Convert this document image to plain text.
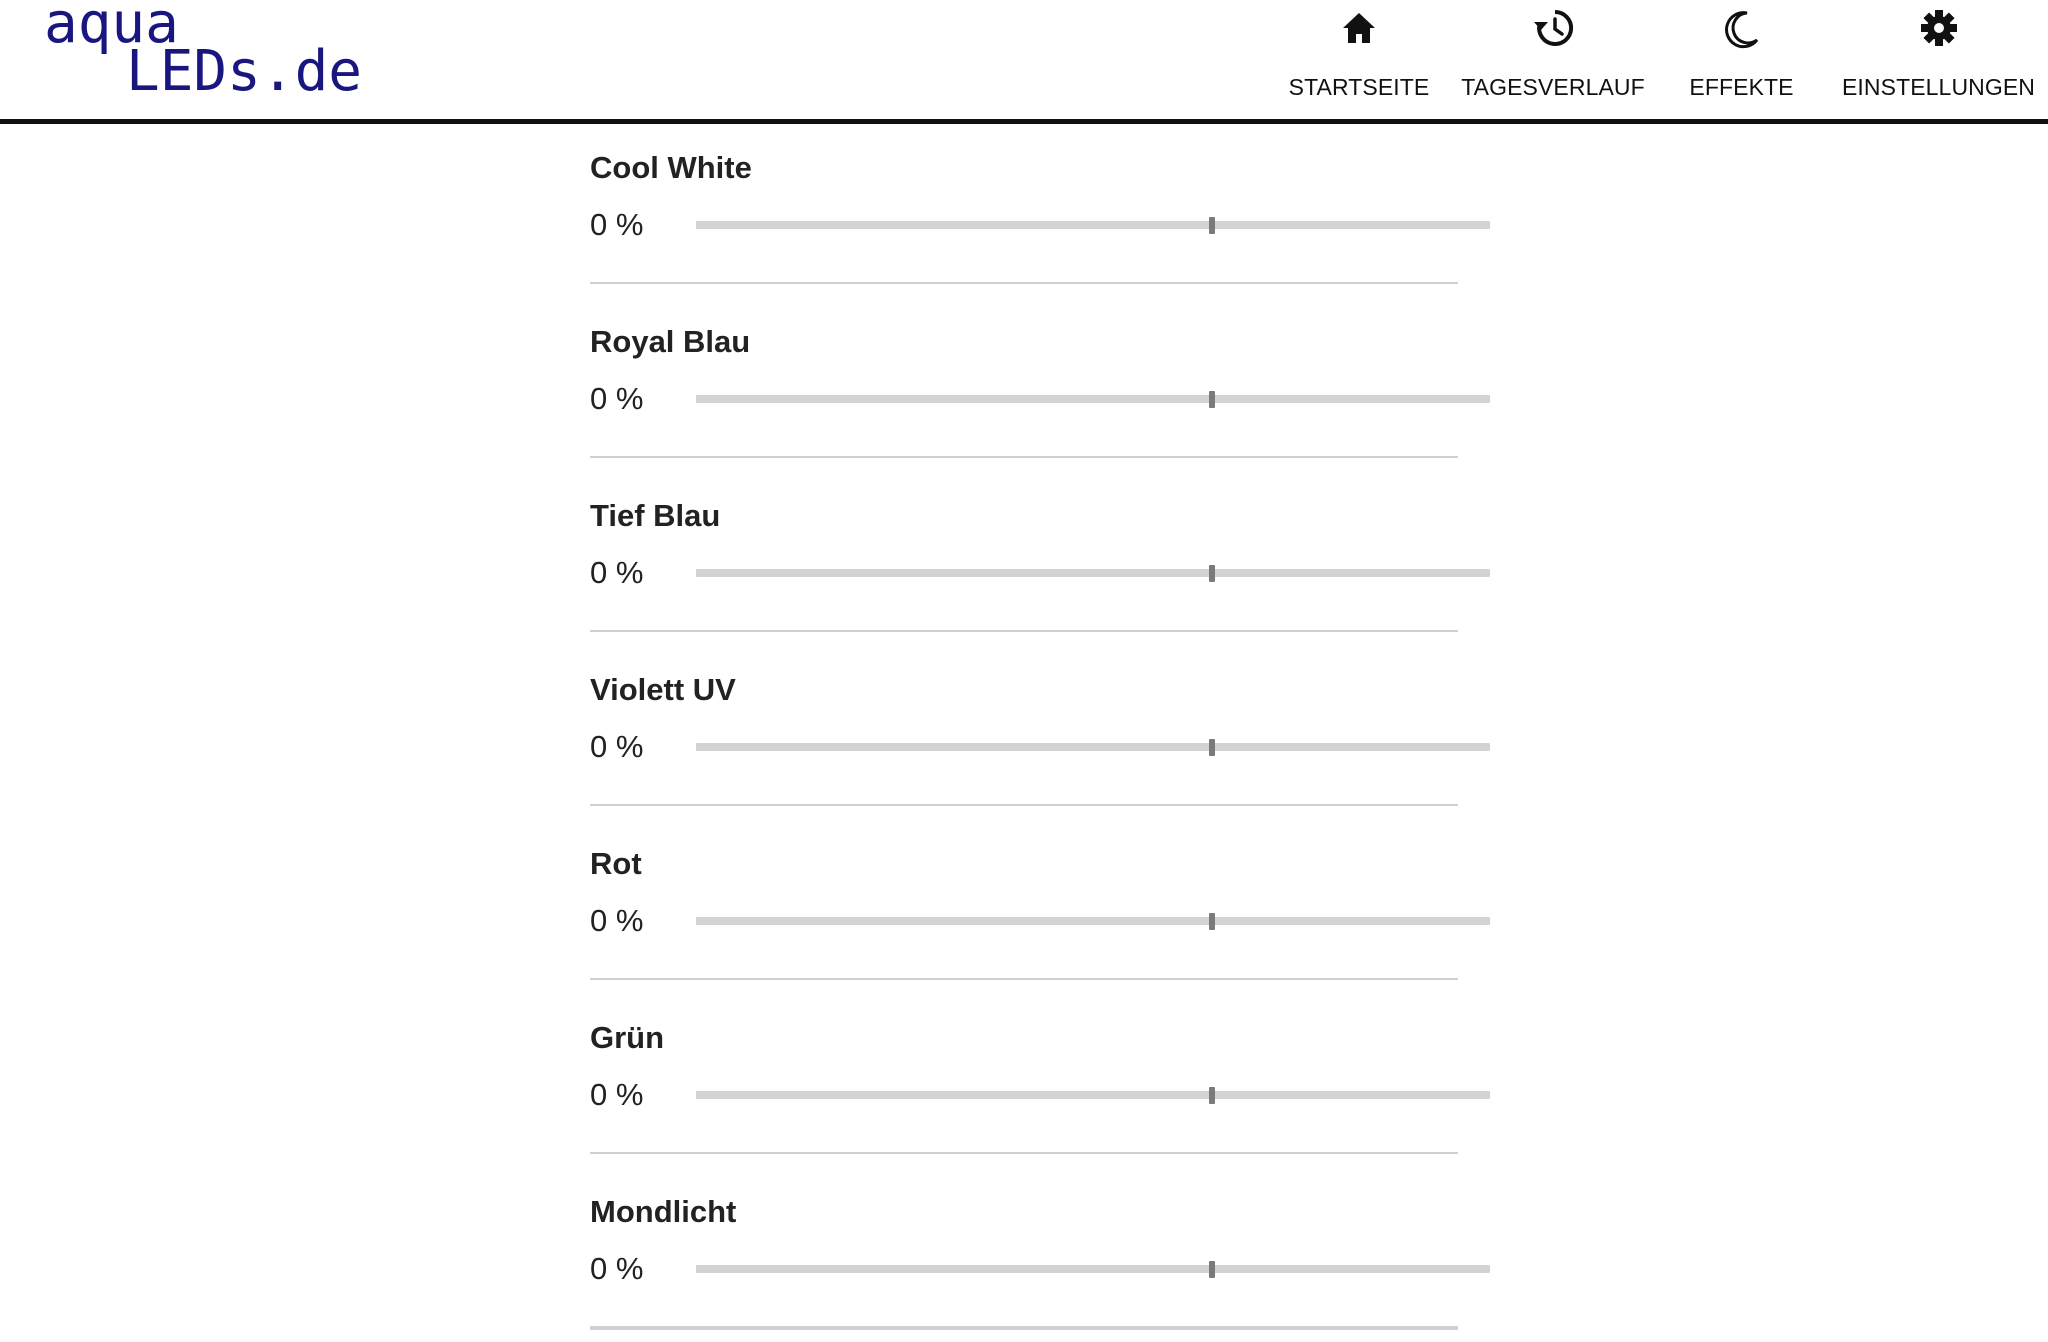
aqua
LEDs.de	STARTSEITE	TAGESVERLAUF	EFFEKTE	EINSTELLUNGEN
Cool White
0 %
Royal Blau
0 %
Tief Blau
0 %
Violett UV
0 %
Rot
0 %
Grün
0 %
Mondlicht
0 %
